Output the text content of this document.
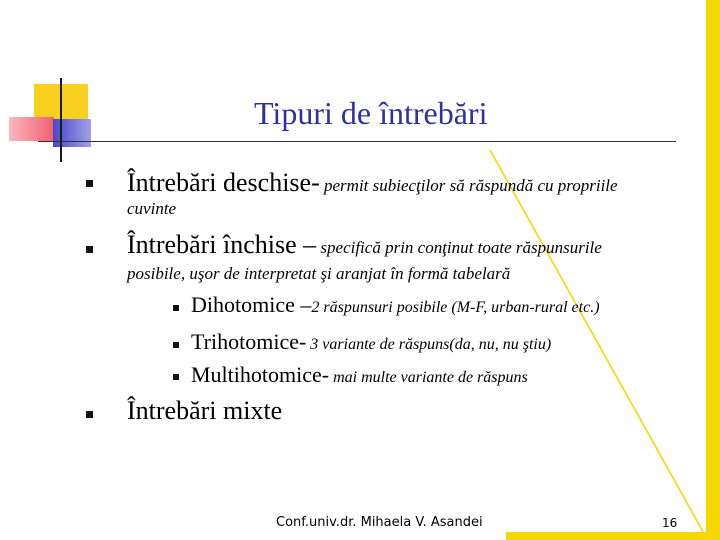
Tipuri de întrebări
Întrebări deschise- permit subiecţilor să răspundă cu propriile
cuvinte
Întrebări închise – specifică prin conţinut toate răspunsurile
posibile, uşor de interpretat şi aranjat în formă tabelară
Dihotomice –2 răspunsuri posibile (M-F, urban-rural etc.)
Trihotomice- 3 variante de răspuns(da, nu, nu ştiu)
Multihotomice- mai multe variante de răspuns
Întrebări mixte
Conf.univ.dr. Mihaela V. Asandei	16
